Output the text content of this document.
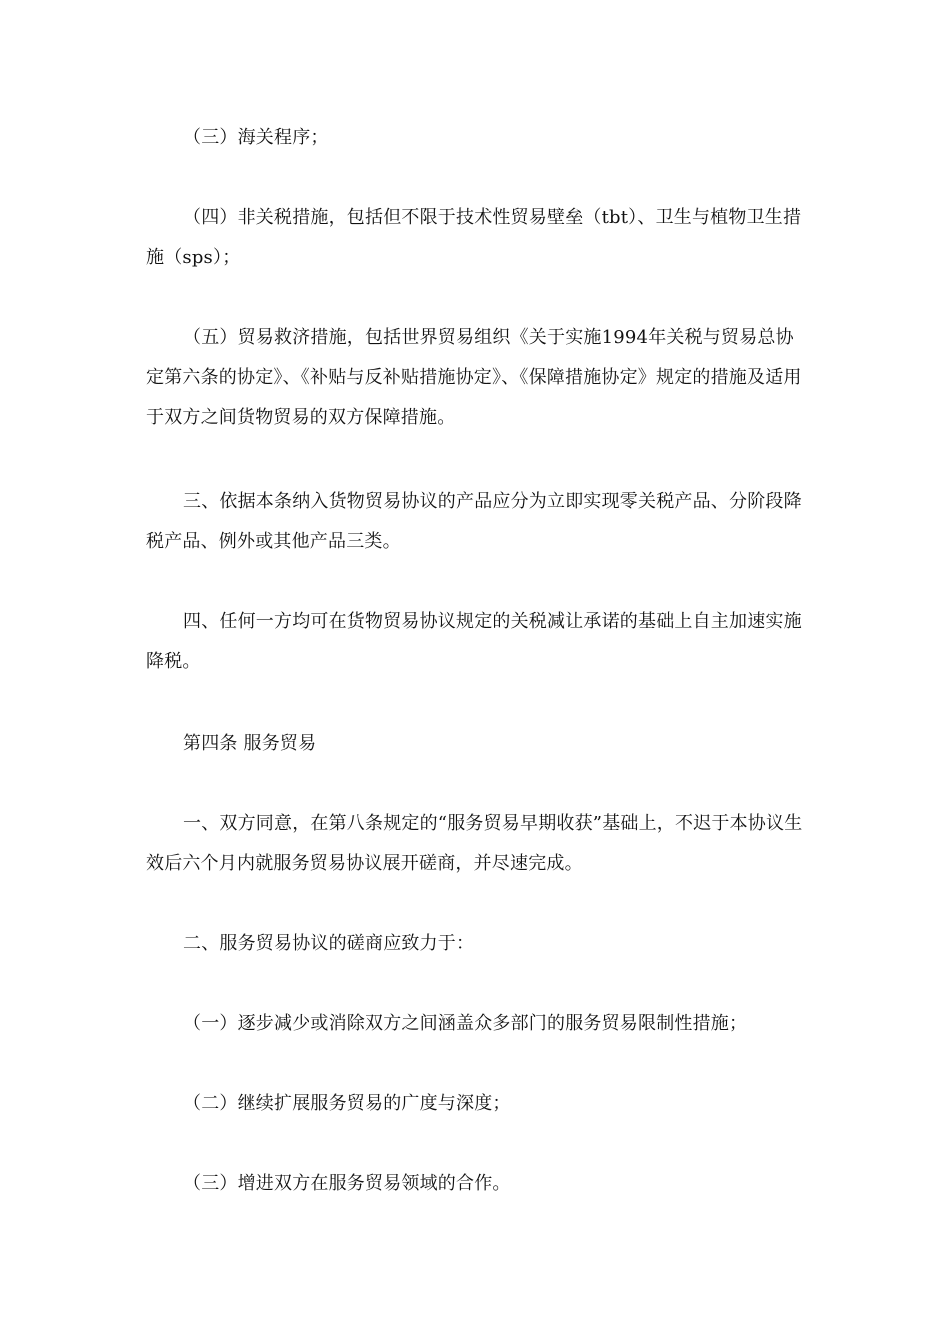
（三）海关程序；

（四）非关税措施，包括但不限于技术性贸易壁垒（tbt）、卫生与植物卫生措施（sps）；

（五）贸易救济措施，包括世界贸易组织《关于实施1994年关税与贸易总协定第六条的协定》、《补贴与反补贴措施协定》、《保障措施协定》规定的措施及适用于双方之间货物贸易的双方保障措施。

三、依据本条纳入货物贸易协议的产品应分为立即实现零关税产品、分阶段降税产品、例外或其他产品三类。

四、任何一方均可在货物贸易协议规定的关税减让承诺的基础上自主加速实施降税。

第四条 服务贸易

一、双方同意，在第八条规定的“服务贸易早期收获”基础上，不迟于本协议生效后六个月内就服务贸易协议展开磋商，并尽速完成。

二、服务贸易协议的磋商应致力于：

（一）逐步减少或消除双方之间涵盖众多部门的服务贸易限制性措施；

（二）继续扩展服务贸易的广度与深度；

（三）增进双方在服务贸易领域的合作。
